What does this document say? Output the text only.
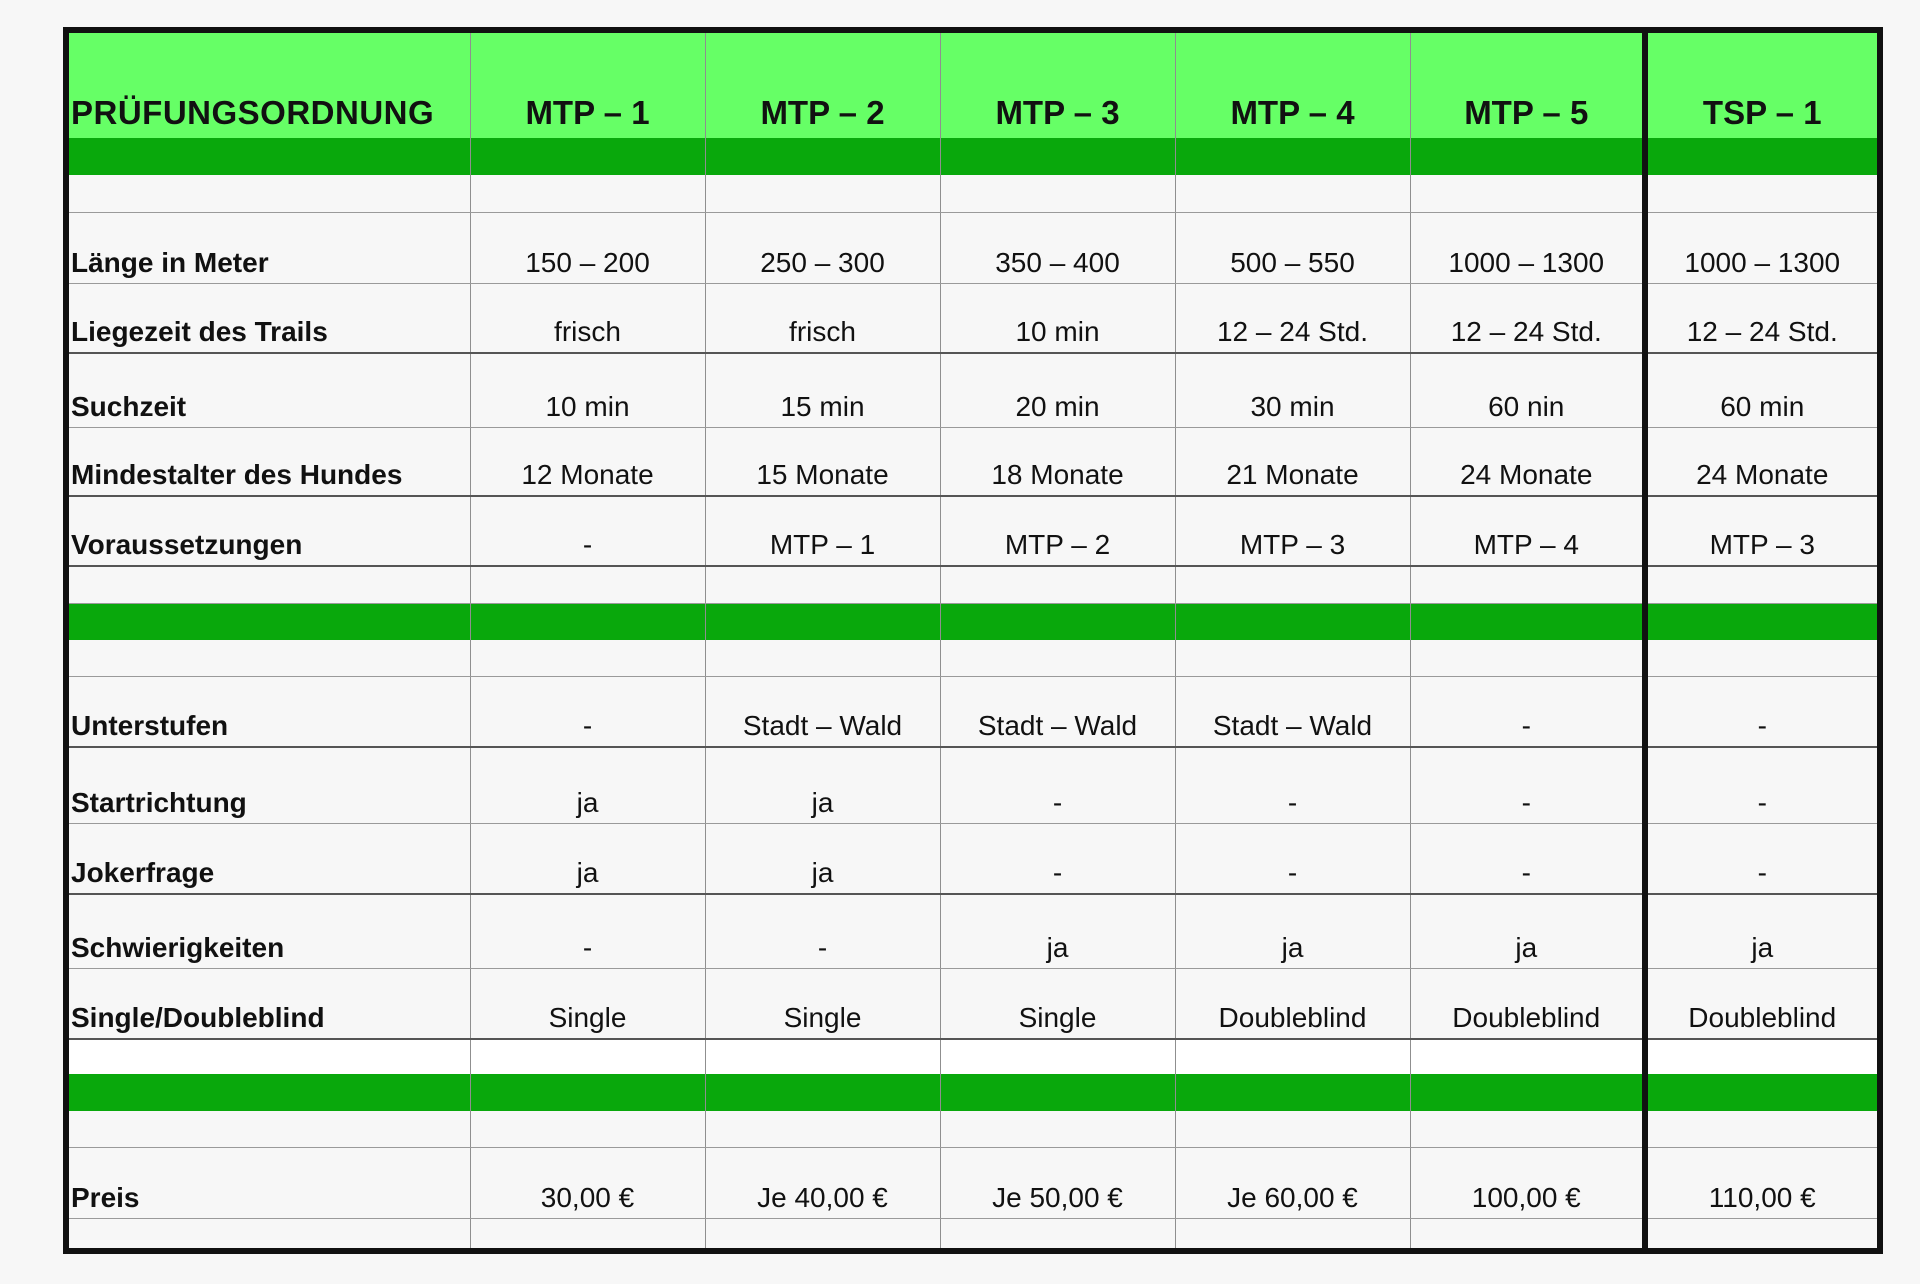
PRÜFUNGSORDNUNG	MTP – 1	MTP – 2	MTP – 3	MTP – 4	MTP – 5	TSP – 1

Länge in Meter	150 – 200	250 – 300	350 – 400	500 – 550	1000 – 1300	1000 – 1300
Liegezeit des Trails	frisch	frisch	10 min	12 – 24 Std.	12 – 24 Std.	12 – 24 Std.
Suchzeit	10 min	15 min	20 min	30 min	60 nin	60 min
Mindestalter des Hundes	12 Monate	15 Monate	18 Monate	21 Monate	24 Monate	24 Monate
Voraussetzungen	-	MTP – 1	MTP – 2	MTP – 3	MTP – 4	MTP – 3

Unterstufen	-	Stadt – Wald	Stadt – Wald	Stadt – Wald	-	-
Startrichtung	ja	ja	-	-	-	-
Jokerfrage	ja	ja	-	-	-	-
Schwierigkeiten	-	-	ja	ja	ja	ja
Single/Doubleblind	Single	Single	Single	Doubleblind	Doubleblind	Doubleblind

Preis	30,00 €	Je 40,00 €	Je 50,00 €	Je 60,00 €	100,00 €	110,00 €
